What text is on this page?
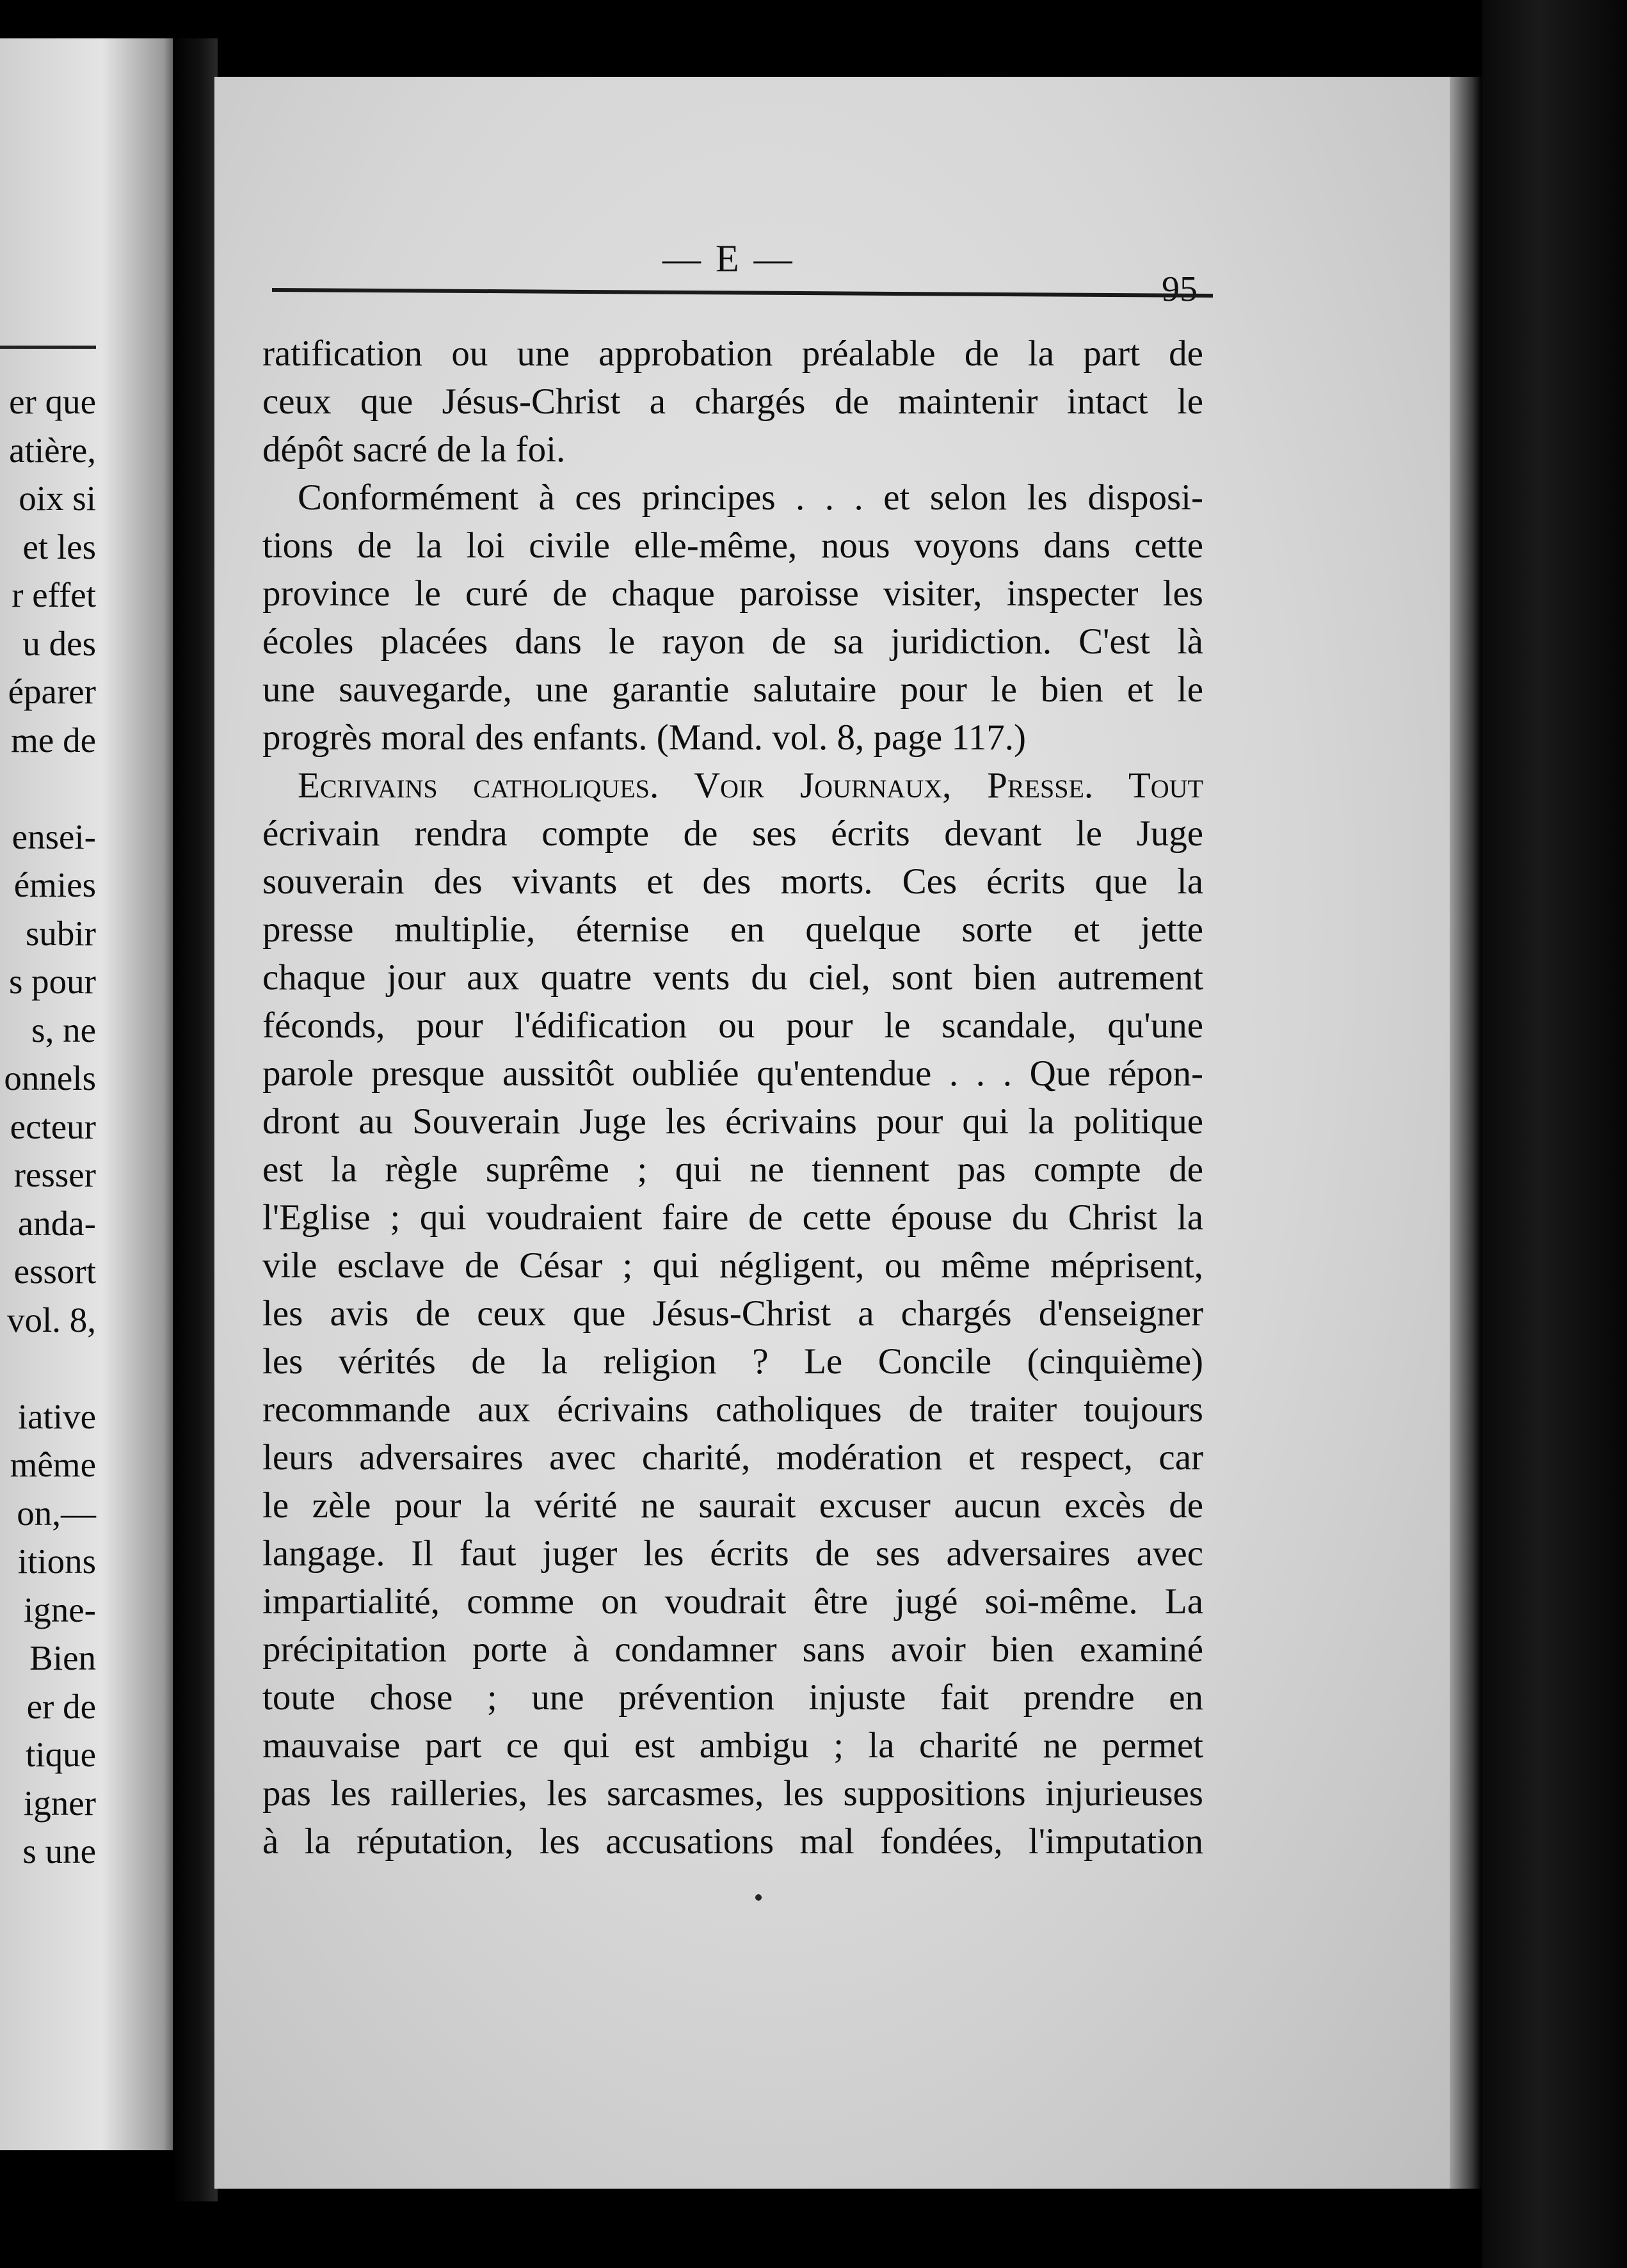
er que
atière,
oix si
et les
r effet
u des
éparer
me de
ensei-
émies
subir
s pour
s, ne
onnels
ecteur
resser
anda-
essort
vol. 8,
iative
même
on,—
itions
igne-
Bien
er de
tique
igner
s une
— E —
95
ratification ou une approbation préalable de la part de
ceux que Jésus-Christ a chargés de maintenir intact le
dépôt sacré de la foi.
Conformément à ces principes . . . et selon les disposi-
tions de la loi civile elle-même, nous voyons dans cette
province le curé de chaque paroisse visiter, inspecter les
écoles placées dans le rayon de sa juridiction. C'est là
une sauvegarde, une garantie salutaire pour le bien et le
progrès moral des enfants. (Mand. vol. 8, page 117.)
Ecrivains catholiques. Voir Journaux, Presse. Tout
écrivain rendra compte de ses écrits devant le Juge
souverain des vivants et des morts. Ces écrits que la
presse multiplie, éternise en quelque sorte et jette
chaque jour aux quatre vents du ciel, sont bien autrement
féconds, pour l'édification ou pour le scandale, qu'une
parole presque aussitôt oubliée qu'entendue . . . Que répon-
dront au Souverain Juge les écrivains pour qui la politique
est la règle suprême ; qui ne tiennent pas compte de
l'Eglise ; qui voudraient faire de cette épouse du Christ la
vile esclave de César ; qui négligent, ou même méprisent,
les avis de ceux que Jésus-Christ a chargés d'enseigner
les vérités de la religion ? Le Concile (cinquième)
recommande aux écrivains catholiques de traiter toujours
leurs adversaires avec charité, modération et respect, car
le zèle pour la vérité ne saurait excuser aucun excès de
langage. Il faut juger les écrits de ses adversaires avec
impartialité, comme on voudrait être jugé soi-même. La
précipitation porte à condamner sans avoir bien examiné
toute chose ; une prévention injuste fait prendre en
mauvaise part ce qui est ambigu ; la charité ne permet
pas les railleries, les sarcasmes, les suppositions injurieuses
à la réputation, les accusations mal fondées, l'imputation
